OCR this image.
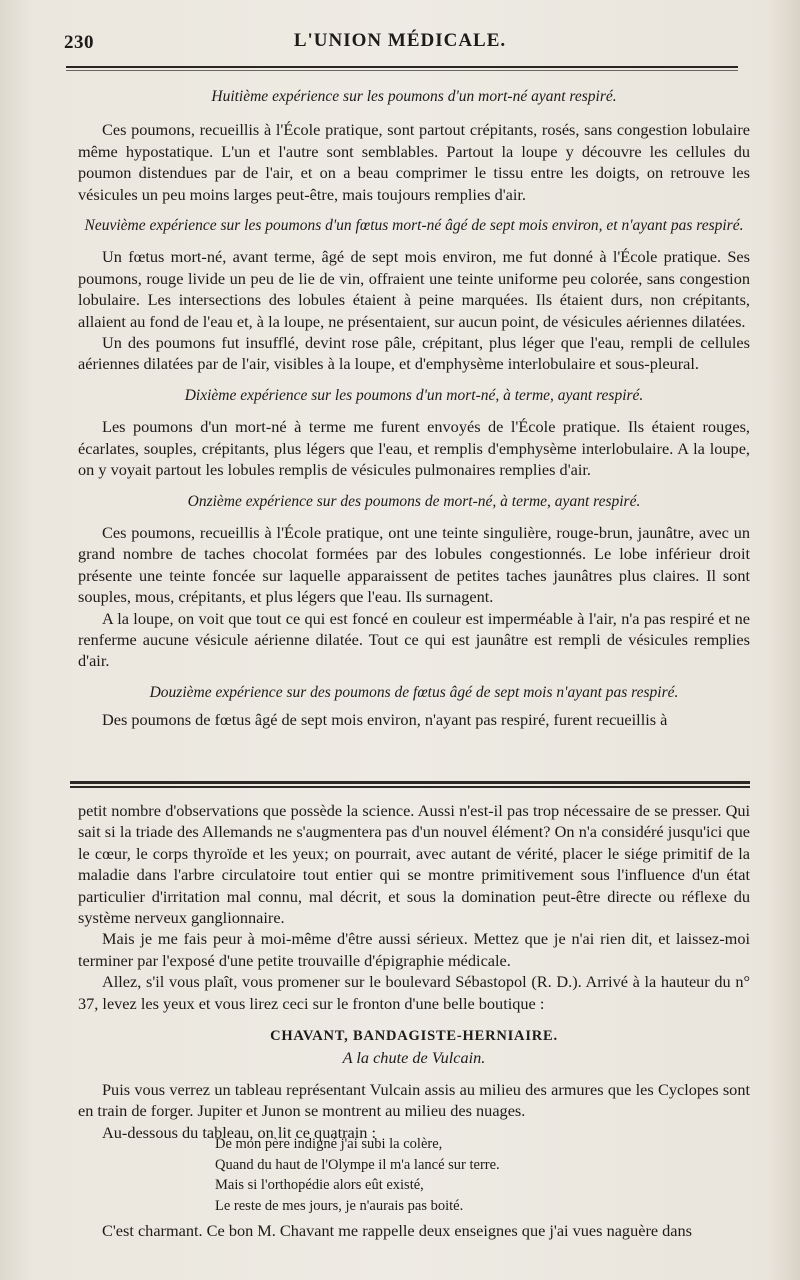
230	L'UNION MÉDICALE.

Huitième expérience sur les poumons d'un mort-né ayant respiré.

Ces poumons, recueillis à l'École pratique, sont partout crépitants, rosés, sans congestion lobulaire même hypostatique. L'un et l'autre sont semblables. Partout la loupe y découvre les cellules du poumon distendues par de l'air, et on a beau comprimer le tissu entre les doigts, on retrouve les vésicules un peu moins larges peut-être, mais toujours remplies d'air.

Neuvième expérience sur les poumons d'un fœtus mort-né âgé de sept mois environ, et n'ayant pas respiré.

Un fœtus mort-né, avant terme, âgé de sept mois environ, me fut donné à l'École pratique. Ses poumons, rouge livide un peu de lie de vin, offraient une teinte uniforme peu colorée, sans congestion lobulaire. Les intersections des lobules étaient à peine marquées. Ils étaient durs, non crépitants, allaient au fond de l'eau et, à la loupe, ne présentaient, sur aucun point, de vésicules aériennes dilatées.

Un des poumons fut insufflé, devint rose pâle, crépitant, plus léger que l'eau, rempli de cellules aériennes dilatées par de l'air, visibles à la loupe, et d'emphysème interlobulaire et sous-pleural.

Dixième expérience sur les poumons d'un mort-né, à terme, ayant respiré.

Les poumons d'un mort-né à terme me furent envoyés de l'École pratique. Ils étaient rouges, écarlates, souples, crépitants, plus légers que l'eau, et remplis d'emphysème interlobulaire. A la loupe, on y voyait partout les lobules remplis de vésicules pulmonaires remplies d'air.

Onzième expérience sur des poumons de mort-né, à terme, ayant respiré.

Ces poumons, recueillis à l'École pratique, ont une teinte singulière, rouge-brun, jaunâtre, avec un grand nombre de taches chocolat formées par des lobules congestionnés. Le lobe inférieur droit présente une teinte foncée sur laquelle apparaissent de petites taches jaunâtres plus claires. Il sont souples, mous, crépitants, et plus légers que l'eau. Ils surnagent.

A la loupe, on voit que tout ce qui est foncé en couleur est imperméable à l'air, n'a pas respiré et ne renferme aucune vésicule aérienne dilatée. Tout ce qui est jaunâtre est rempli de vésicules remplies d'air.

Douzième expérience sur des poumons de fœtus âgé de sept mois n'ayant pas respiré.

Des poumons de fœtus âgé de sept mois environ, n'ayant pas respiré, furent recueillis à

petit nombre d'observations que possède la science. Aussi n'est-il pas trop nécessaire de se presser. Qui sait si la triade des Allemands ne s'augmentera pas d'un nouvel élément? On n'a considéré jusqu'ici que le cœur, le corps thyroïde et les yeux; on pourrait, avec autant de vérité, placer le siége primitif de la maladie dans l'arbre circulatoire tout entier qui se montre primitivement sous l'influence d'un état particulier d'irritation mal connu, mal décrit, et sous la domination peut-être directe ou réflexe du système nerveux ganglionnaire.

Mais je me fais peur à moi-même d'être aussi sérieux. Mettez que je n'ai rien dit, et laissez-moi terminer par l'exposé d'une petite trouvaille d'épigraphie médicale.

Allez, s'il vous plaît, vous promener sur le boulevard Sébastopol (R. D.). Arrivé à la hauteur du n° 37, levez les yeux et vous lirez ceci sur le fronton d'une belle boutique :

CHAVANT, BANDAGISTE-HERNIAIRE.

A la chute de Vulcain.

Puis vous verrez un tableau représentant Vulcain assis au milieu des armures que les Cyclopes sont en train de forger. Jupiter et Junon se montrent au milieu des nuages.

Au-dessous du tableau, on lit ce quatrain :

De mon père indigné j'ai subi la colère,
Quand du haut de l'Olympe il m'a lancé sur terre.
Mais si l'orthopédie alors eût existé,
Le reste de mes jours, je n'aurais pas boité.

C'est charmant. Ce bon M. Chavant me rappelle deux enseignes que j'ai vues naguère dans
